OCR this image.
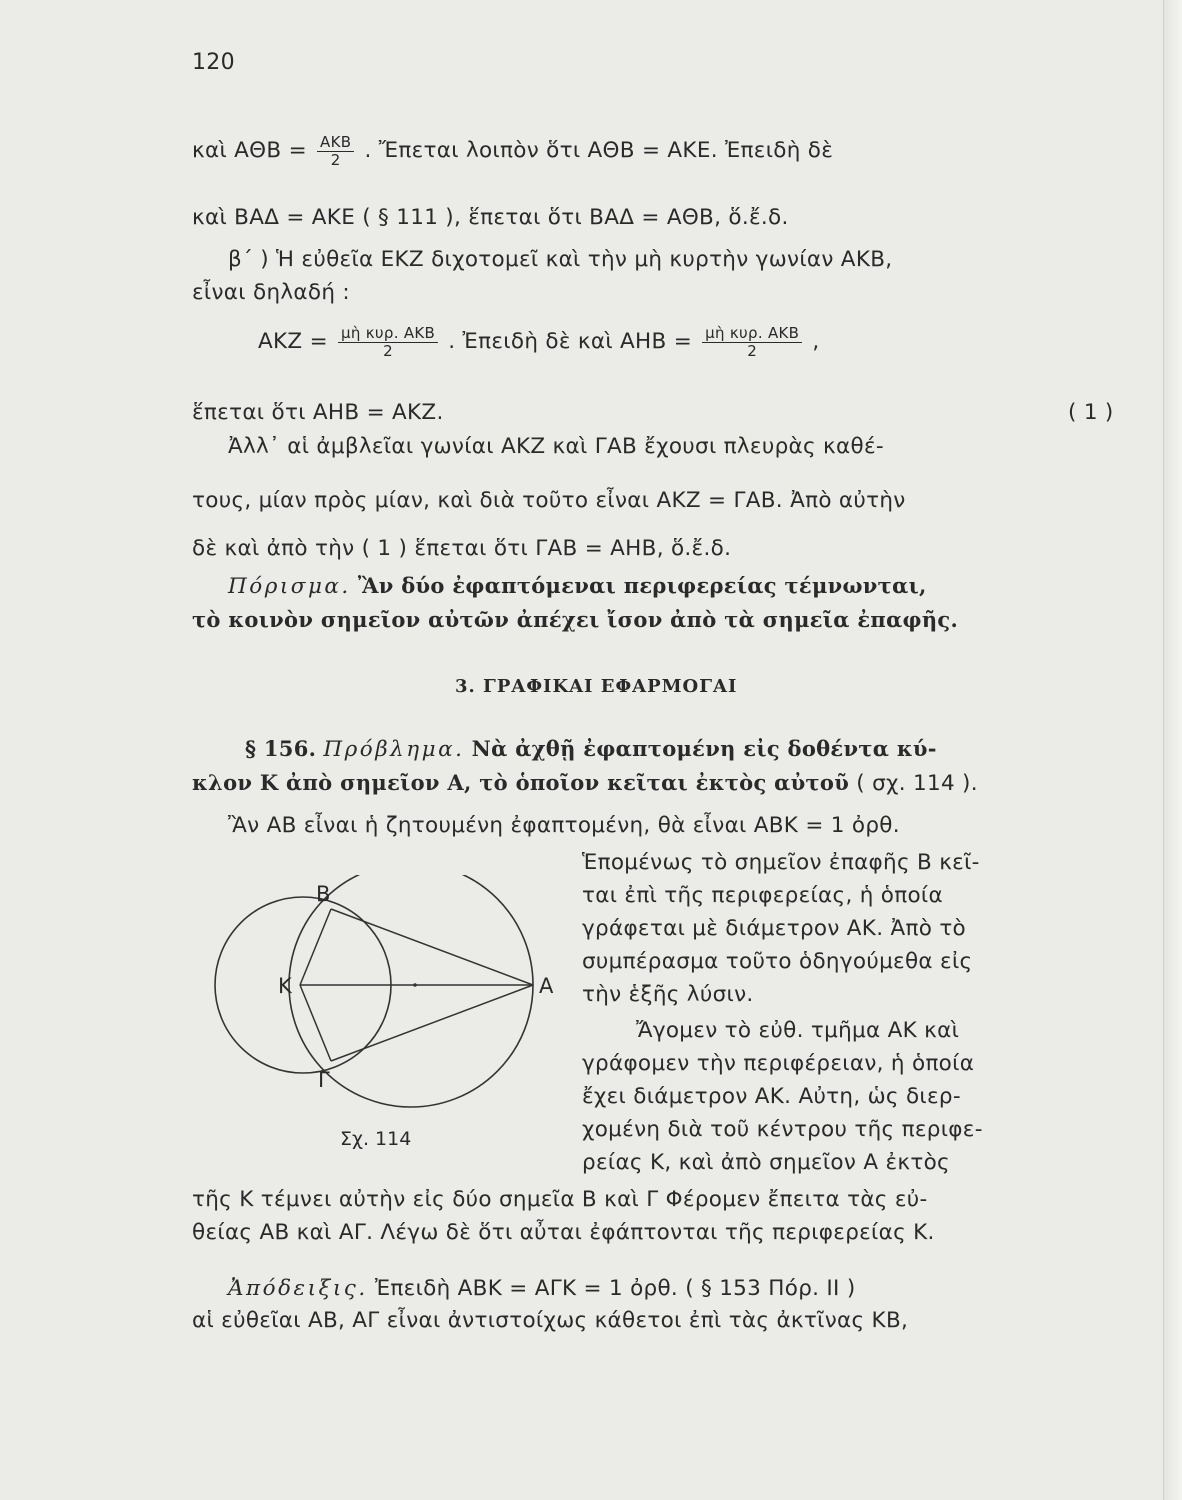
120
καὶ $A\Theta B = \frac{\text{ΑΚΒ}}{2}$ . Ἔπεται λοιπὸν ὅτι ΑΘΒ = ΑΚΕ. Ἐπειδὴ δὲ
καὶ ΒΑΔ = ΑΚΕ ( § 111 ), ἕπεται ὅτι ΒΑΔ = ΑΘΒ, ὅ.ἔ.δ.
β΄ ) Ἡ εὐθεῖα ΕΚΖ διχοτομεῖ καὶ τὴν μὴ κυρτὴν γωνίαν ΑΚΒ,
εἶναι δηλαδή :
$AKZ = \frac{\text{μὴ κυρ. ΑΚΒ}}{2}$ . Ἐπειδὴ δὲ καὶ $AHB = \frac{\text{μὴ κυρ. ΑΚΒ}}{2}$ ,
ἕπεται ὅτι ΑΗΒ = ΑΚΖ.	( 1 )
Ἀλλ᾽ αἱ ἀμβλεῖαι γωνίαι ΑΚΖ καὶ ΓΑΒ ἔχουσι πλευρὰς καθέ-
τους, μίαν πρὸς μίαν, καὶ διὰ τοῦτο εἶναι ΑΚΖ = ΓΑΒ. Ἀπὸ αὐτὴν
δὲ καὶ ἀπὸ τὴν ( 1 ) ἕπεται ὅτι ΓΑΒ = ΑΗΒ, ὅ.ἔ.δ.
Πόρισμα. Ἂν δύο ἐφαπτόμεναι περιφερείας τέμνωνται,
τὸ κοινὸν σημεῖον αὐτῶν ἀπέχει ἴσον ἀπὸ τὰ σημεῖα ἐπαφῆς.
3. ΓΡΑΦΙΚΑΙ ΕΦΑΡΜΟΓΑΙ
§ 156. Πρόβλημα. Νὰ ἀχθῇ ἐφαπτομένη εἰς δοθέντα κύ-
κλον Κ ἀπὸ σημεῖον Α, τὸ ὁποῖον κεῖται ἐκτὸς αὐτοῦ ( σχ. 114 ).
Ἂν ΑΒ εἶναι ἡ ζητουμένη ἐφαπτομένη, θὰ εἶναι ΑΒΚ = 1 ὀρθ.
Ἑπομένως τὸ σημεῖον ἐπαφῆς Β κεῖ-
ται ἐπὶ τῆς περιφερείας, ἡ ὁποία
γράφεται μὲ διάμετρον ΑΚ. Ἀπὸ τὸ
συμπέρασμα τοῦτο ὁδηγούμεθα εἰς
τὴν ἑξῆς λύσιν.
Ἄγομεν τὸ εὐθ. τμῆμα ΑΚ καὶ
γράφομεν τὴν περιφέρειαν, ἡ ὁποία
ἔχει διάμετρον ΑΚ. Αὐτη, ὡς διερ-
χομένη διὰ τοῦ κέντρου τῆς περιφε-
ρείας Κ, καὶ ἀπὸ σημεῖον Α ἐκτὸς
Β
Κ	Α
Γ
Σχ. 114
τῆς Κ τέμνει αὐτὴν εἰς δύο σημεῖα Β καὶ Γ Φέρομεν ἔπειτα τὰς εὐ-
θείας ΑΒ καὶ ΑΓ. Λέγω δὲ ὅτι αὖται ἐφάπτονται τῆς περιφερείας Κ.
Ἀπόδειξις. Ἐπειδὴ ΑΒΚ = ΑΓΚ = 1 ὀρθ. ( § 153 Πόρ. ΙΙ )
αἱ εὐθεῖαι ΑΒ, ΑΓ εἶναι ἀντιστοίχως κάθετοι ἐπὶ τὰς ἀκτῖνας ΚΒ,
